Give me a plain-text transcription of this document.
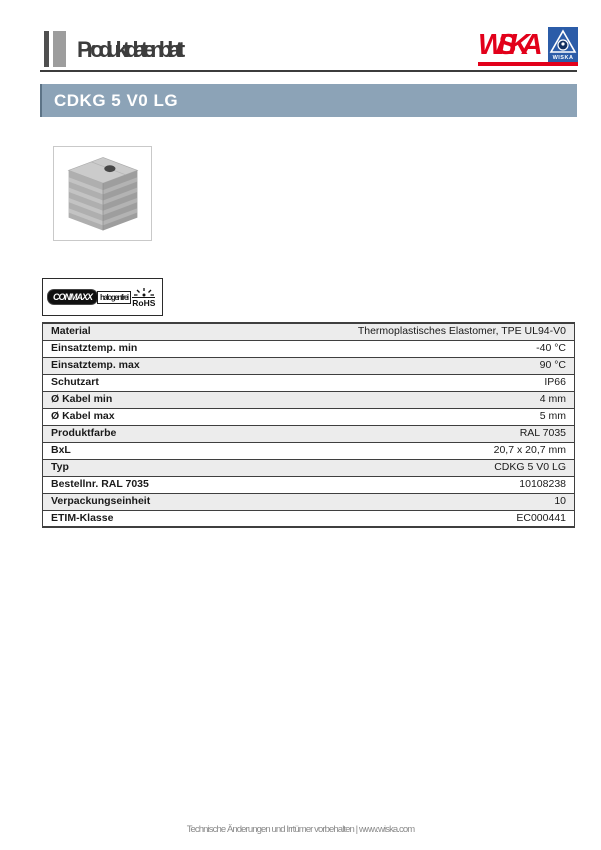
Produktdatenblatt	WISKA	WISKA
CDKG 5 V0 LG
CONMAXX	halogenfrei
RoHS
Material	Thermoplastisches Elastomer, TPE UL94-V0
Einsatztemp. min	-40 °C
Einsatztemp. max	90 °C
Schutzart	IP66
Ø Kabel min	4 mm
Ø Kabel max	5 mm
Produktfarbe	RAL 7035
BxL	20,7 x 20,7 mm
Typ	CDKG 5 V0 LG
Bestellnr. RAL 7035	10108238
Verpackungseinheit	10
ETIM-Klasse	EC000441
Technische Änderungen und Irrtümer vorbehalten | www.wiska.com
